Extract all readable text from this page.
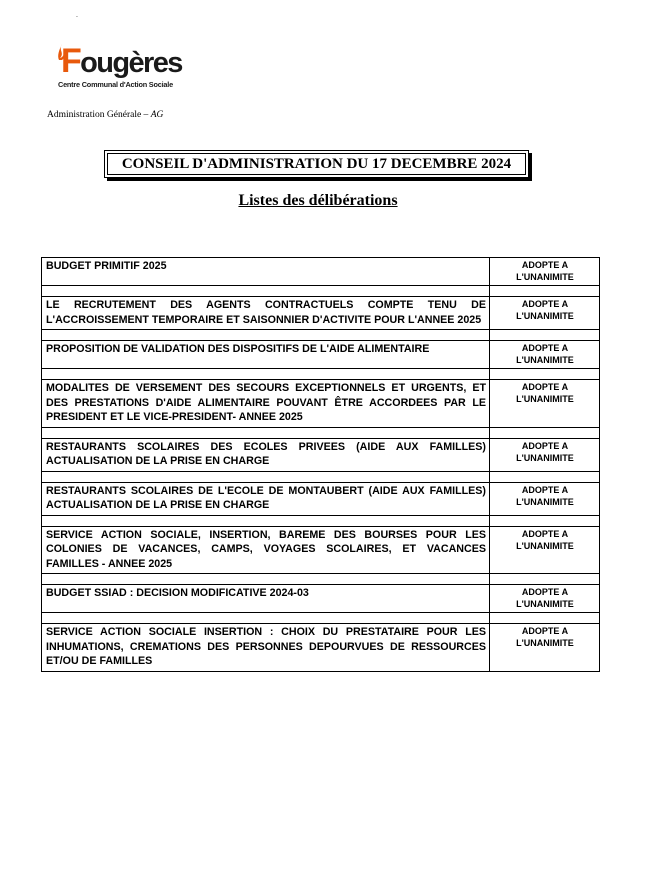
.
Fougères
Centre Communal d'Action Sociale
Administration Générale – AG
CONSEIL D'ADMINISTRATION DU 17 DECEMBRE 2024
Listes des délibérations
BUDGET PRIMITIF 2025	ADOPTE A L'UNANIMITE

LE RECRUTEMENT DES AGENTS CONTRACTUELS COMPTE TENU DE L'ACCROISSEMENT TEMPORAIRE ET SAISONNIER D'ACTIVITE POUR L'ANNEE 2025	ADOPTE A L'UNANIMITE

PROPOSITION DE VALIDATION DES DISPOSITIFS DE L'AIDE ALIMENTAIRE	ADOPTE A L'UNANIMITE

MODALITES DE VERSEMENT DES SECOURS EXCEPTIONNELS ET URGENTS, ET DES PRESTATIONS D'AIDE ALIMENTAIRE POUVANT ÊTRE ACCORDEES PAR LE PRESIDENT ET LE VICE-PRESIDENT- ANNEE 2025	ADOPTE A L'UNANIMITE

RESTAURANTS SCOLAIRES DES ECOLES PRIVEES (AIDE AUX FAMILLES) ACTUALISATION DE LA PRISE EN CHARGE	ADOPTE A L'UNANIMITE

RESTAURANTS SCOLAIRES DE L'ECOLE DE MONTAUBERT (AIDE AUX FAMILLES) ACTUALISATION DE LA PRISE EN CHARGE	ADOPTE A L'UNANIMITE

SERVICE ACTION SOCIALE, INSERTION, BAREME DES BOURSES POUR LES COLONIES DE VACANCES, CAMPS, VOYAGES SCOLAIRES, ET VACANCES FAMILLES - ANNEE 2025	ADOPTE A L'UNANIMITE

BUDGET SSIAD : DECISION MODIFICATIVE 2024-03	ADOPTE A L'UNANIMITE

SERVICE ACTION SOCIALE INSERTION : CHOIX DU PRESTATAIRE POUR LES INHUMATIONS, CREMATIONS DES PERSONNES DEPOURVUES DE RESSOURCES ET/OU DE FAMILLES	ADOPTE A L'UNANIMITE
